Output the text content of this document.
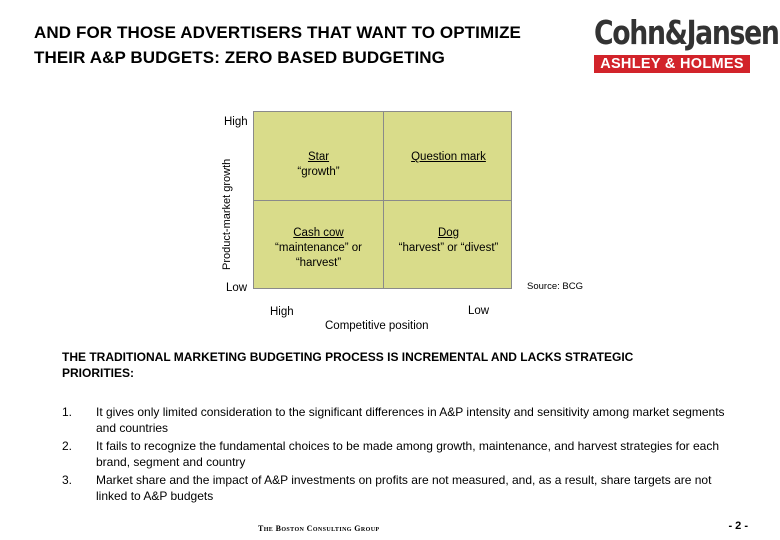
AND FOR THOSE ADVERTISERS THAT WANT TO OPTIMIZE THEIR A&P BUDGETS: ZERO BASED BUDGETING
Cohn&Jansen
ASHLEY & HOLMES
Product-market growth
High
Low
Star
“growth”
Question mark
Cash cow
“maintenance” or “harvest”
Dog
“harvest” or “divest”
Source: BCG
High	Low
Competitive position
THE TRADITIONAL MARKETING BUDGETING PROCESS IS INCREMENTAL AND LACKS STRATEGIC PRIORITIES:
1. It gives only limited consideration to the significant differences in A&P intensity and sensitivity among market segments and countries
2. It fails to recognize the fundamental choices to be made among growth, maintenance, and harvest strategies for each brand, segment and country
3. Market share and the impact of A&P investments on profits are not measured, and, as a result, share targets are not linked to A&P budgets
The Boston Consulting Group	- 2 -
